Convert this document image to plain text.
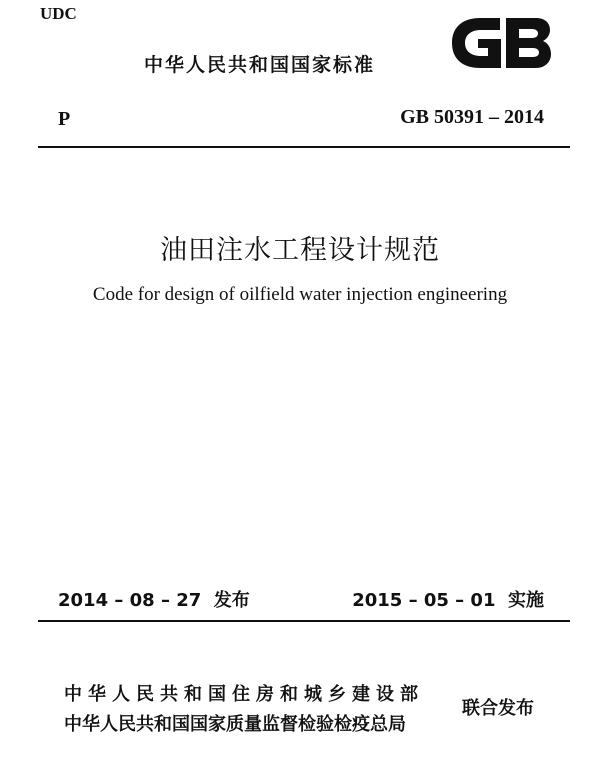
UDC
中华人民共和国国家标准	GB
P	GB 50391 – 2014
油田注水工程设计规范
Code for design of oilfield water injection engineering
2014 – 08 – 27  发布	2015 – 05 – 01  实施
中华人民共和国住房和城乡建设部
中华人民共和国国家质量监督检验检疫总局
联合发布
